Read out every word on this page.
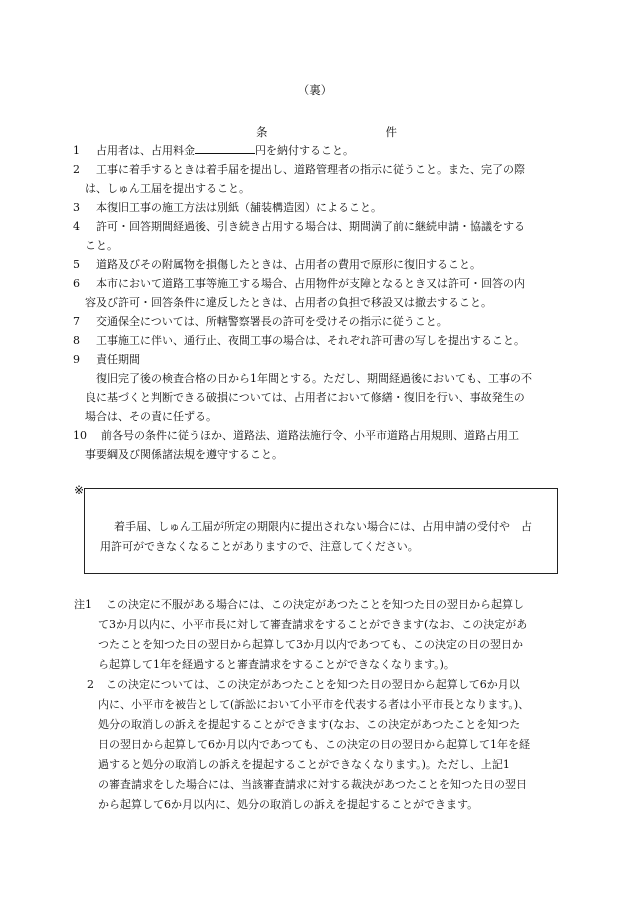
（裏）
条	件
1 占用者は、占用料金	円を納付すること。
2 工事に着手するときは着手届を提出し、道路管理者の指示に従うこと。また、完了の際
は、しゅん工届を提出すること。
3 本復旧工事の施工方法は別紙（舗装構造図）によること。
4 許可・回答期間経過後、引き続き占用する場合は、期間満了前に継続申請・協議をする
こと。
5 道路及びその附属物を損傷したときは、占用者の費用で原形に復旧すること。
6 本市において道路工事等施工する場合、占用物件が支障となるとき又は許可・回答の内
容及び許可・回答条件に違反したときは、占用者の負担で移設又は撤去すること。
7 交通保全については、所轄警察署長の許可を受けその指示に従うこと。
8 工事施工に伴い、通行止、夜間工事の場合は、それぞれ許可書の写しを提出すること。
9 責任期間
復旧完了後の検査合格の日から1年間とする。ただし、期間経過後においても、工事の不
良に基づくと判断できる破損については、占用者において修繕・復旧を行い、事故発生の
場合は、その責に任ずる。
10 前各号の条件に従うほか、道路法、道路法施行令、小平市道路占用規則、道路占用工
事要綱及び関係諸法規を遵守すること。
※
着手届、しゅん工届が所定の期限内に提出されない場合には、占用申請の受付や　占
用許可ができなくなることがありますので、注意してください。
注1 この決定に不服がある場合には、この決定があつたことを知つた日の翌日から起算し
て3か月以内に、小平市長に対して審査請求をすることができます(なお、この決定があ
つたことを知つた日の翌日から起算して3か月以内であつても、この決定の日の翌日か
ら起算して1年を経過すると審査請求をすることができなくなります。)。
2 この決定については、この決定があつたことを知つた日の翌日から起算して6か月以
内に、小平市を被告として(訴訟において小平市を代表する者は小平市長となります。)、
処分の取消しの訴えを提起することができます(なお、この決定があつたことを知つた
日の翌日から起算して6か月以内であつても、この決定の日の翌日から起算して1年を経
過すると処分の取消しの訴えを提起することができなくなります。)。ただし、上記1
の審査請求をした場合には、当該審査請求に対する裁決があつたことを知つた日の翌日
から起算して6か月以内に、処分の取消しの訴えを提起することができます。
